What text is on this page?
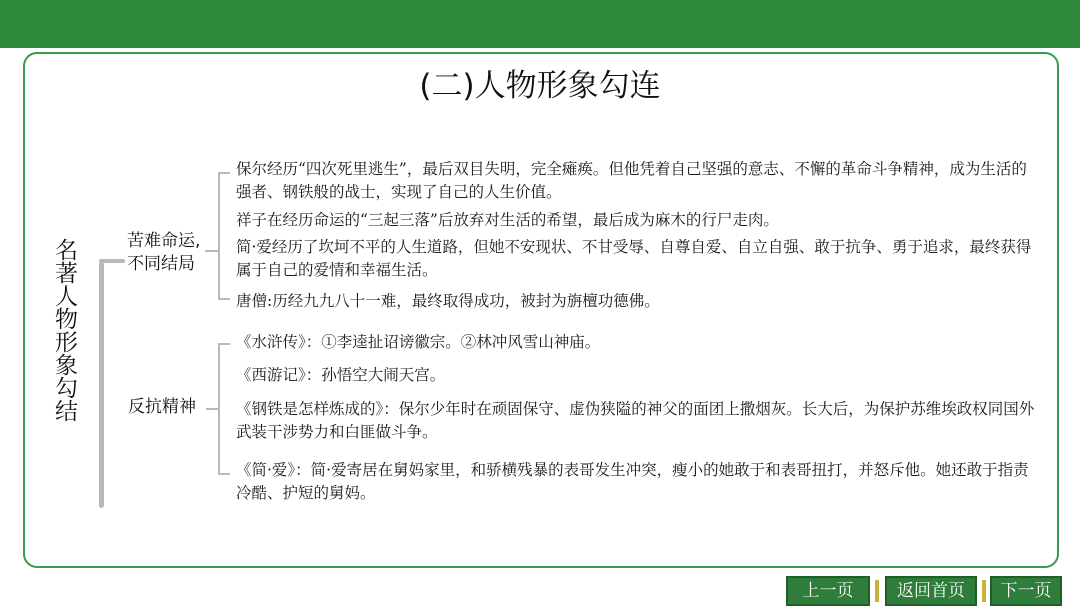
(二)人物形象勾连
名著人物形象勾结	苦难命运,
不同结局
反抗精神
保尔经历“四次死里逃生”，最后双目失明，完全瘫痪。但他凭着自己坚强的意志、不懈的革命斗争精神，成为生活的强者、钢铁般的战士，实现了自己的人生价值。
祥子在经历命运的“三起三落”后放弃对生活的希望，最后成为麻木的行尸走肉。
简·爱经历了坎坷不平的人生道路，但她不安现状、不甘受辱、自尊自爱、自立自强、敢于抗争、勇于追求，最终获得属于自己的爱情和幸福生活。
唐僧:历经九九八十一难，最终取得成功，被封为旃檀功德佛。
《水浒传》：①李逵扯诏谤徽宗。②林冲风雪山神庙。
《西游记》：孙悟空大闹天宫。
《钢铁是怎样炼成的》：保尔少年时在顽固保守、虚伪狭隘的神父的面团上撒烟灰。长大后，为保护苏维埃政权同国外武装干涉势力和白匪做斗争。
《简·爱》：简·爱寄居在舅妈家里，和骄横残暴的表哥发生冲突，瘦小的她敢于和表哥扭打，并怒斥他。她还敢于指责冷酷、护短的舅妈。
上一页	返回首页	下一页
